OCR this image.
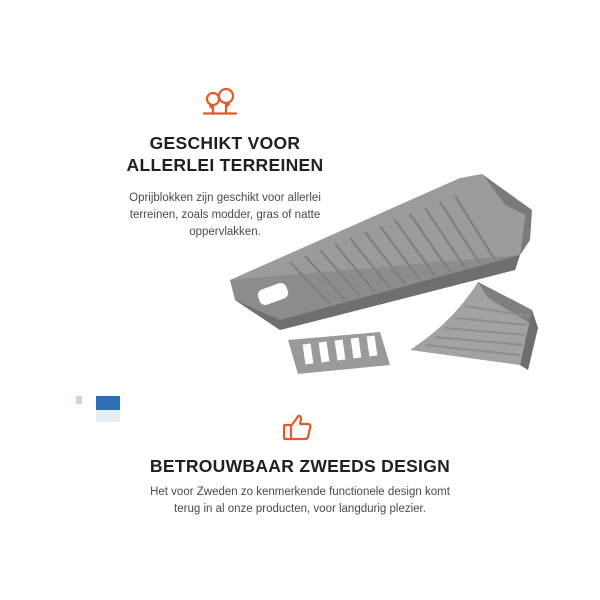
GESCHIKT VOOR
ALLERLEI TERREINEN
Oprijblokken zijn geschikt voor allerlei
terreinen, zoals modder, gras of natte
oppervlakken.
BETROUWBAAR ZWEEDS DESIGN
Het voor Zweden zo kenmerkende functionele design komt
terug in al onze producten, voor langdurig plezier.
